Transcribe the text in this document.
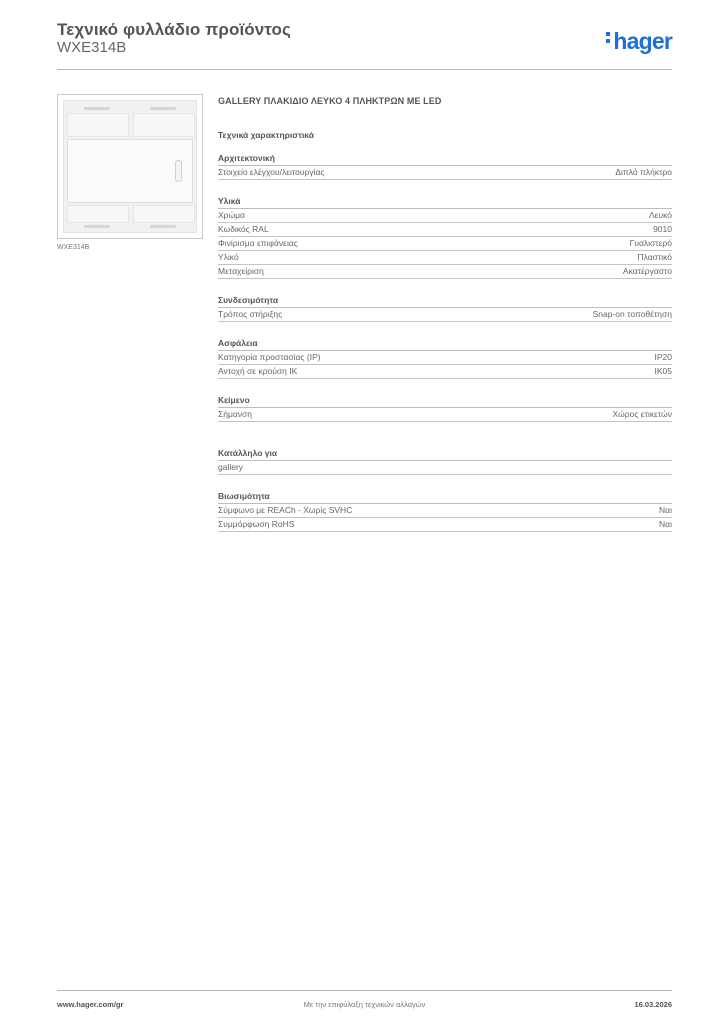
Τεχνικό φυλλάδιο προϊόντος
WXE314B	hager
WXE314B
GALLERY ΠΛΑΚΙΔΙΟ ΛΕΥΚΟ 4 ΠΛΗΚΤΡΩΝ ΜΕ LED
Τεχνικά χαρακτηριστικά
Αρχιτεκτονική
Στοιχείο ελέγχου/λειτουργίας	Διπλό πλήκτρο
Υλικά
Χρώμα	Λευκό
Κωδικός RAL	9010
Φινίρισμα επιφάνειας	Γυαλιστερό
Υλικό	Πλαστικό
Μεταχείριση	Ακατέργαστο
Συνδεσιμότητα
Τρόπος στήριξης	Snap-on τοποθέτηση
Ασφάλεια
Κατηγορία προστασίας (IP)	IP20
Αντοχή σε κρούση IK	IK05
Κείμενο
Σήμανση	Χώρος ετικετών
Κατάλληλο για
gallery
Βιωσιμότητα
Σύμφωνο με REACh - Χωρίς SVHC	Ναι
Συμμόρφωση RoHS	Ναι
www.hager.com/gr	Με την επιφύλαξη τεχνικών αλλαγών	16.03.2026
